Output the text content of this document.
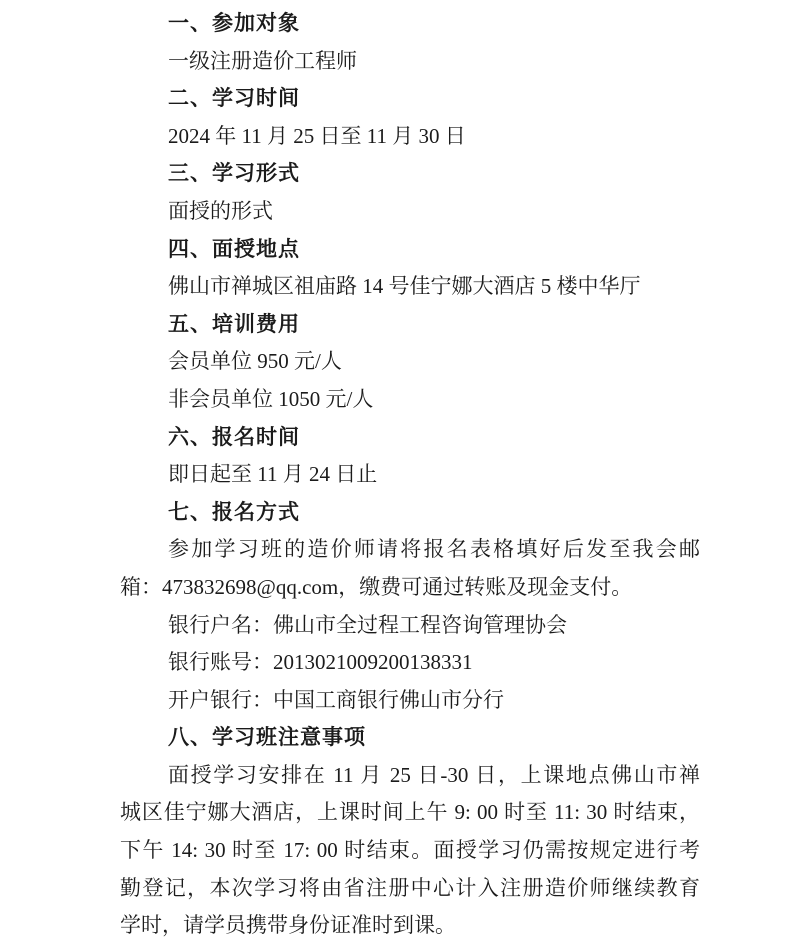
一、参加对象
一级注册造价工程师
二、学习时间
2024 年 11 月 25 日至 11 月 30 日
三、学习形式
面授的形式
四、面授地点
佛山市禅城区祖庙路 14 号佳宁娜大酒店 5 楼中华厅
五、培训费用
会员单位 950 元/人
非会员单位 1050 元/人
六、报名时间
即日起至 11 月 24 日止
七、报名方式
参加学习班的造价师请将报名表格填好后发至我会邮
箱：473832698@qq.com，缴费可通过转账及现金支付。
银行户名：佛山市全过程工程咨询管理协会
银行账号：2013021009200138331
开户银行：中国工商银行佛山市分行
八、学习班注意事项
面授学习安排在 11 月 25 日-30 日，上课地点佛山市禅
城区佳宁娜大酒店，上课时间上午 9: 00 时至 11: 30 时结束，
下午 14: 30 时至 17: 00 时结束。面授学习仍需按规定进行考
勤登记，本次学习将由省注册中心计入注册造价师继续教育
学时，请学员携带身份证准时到课。
